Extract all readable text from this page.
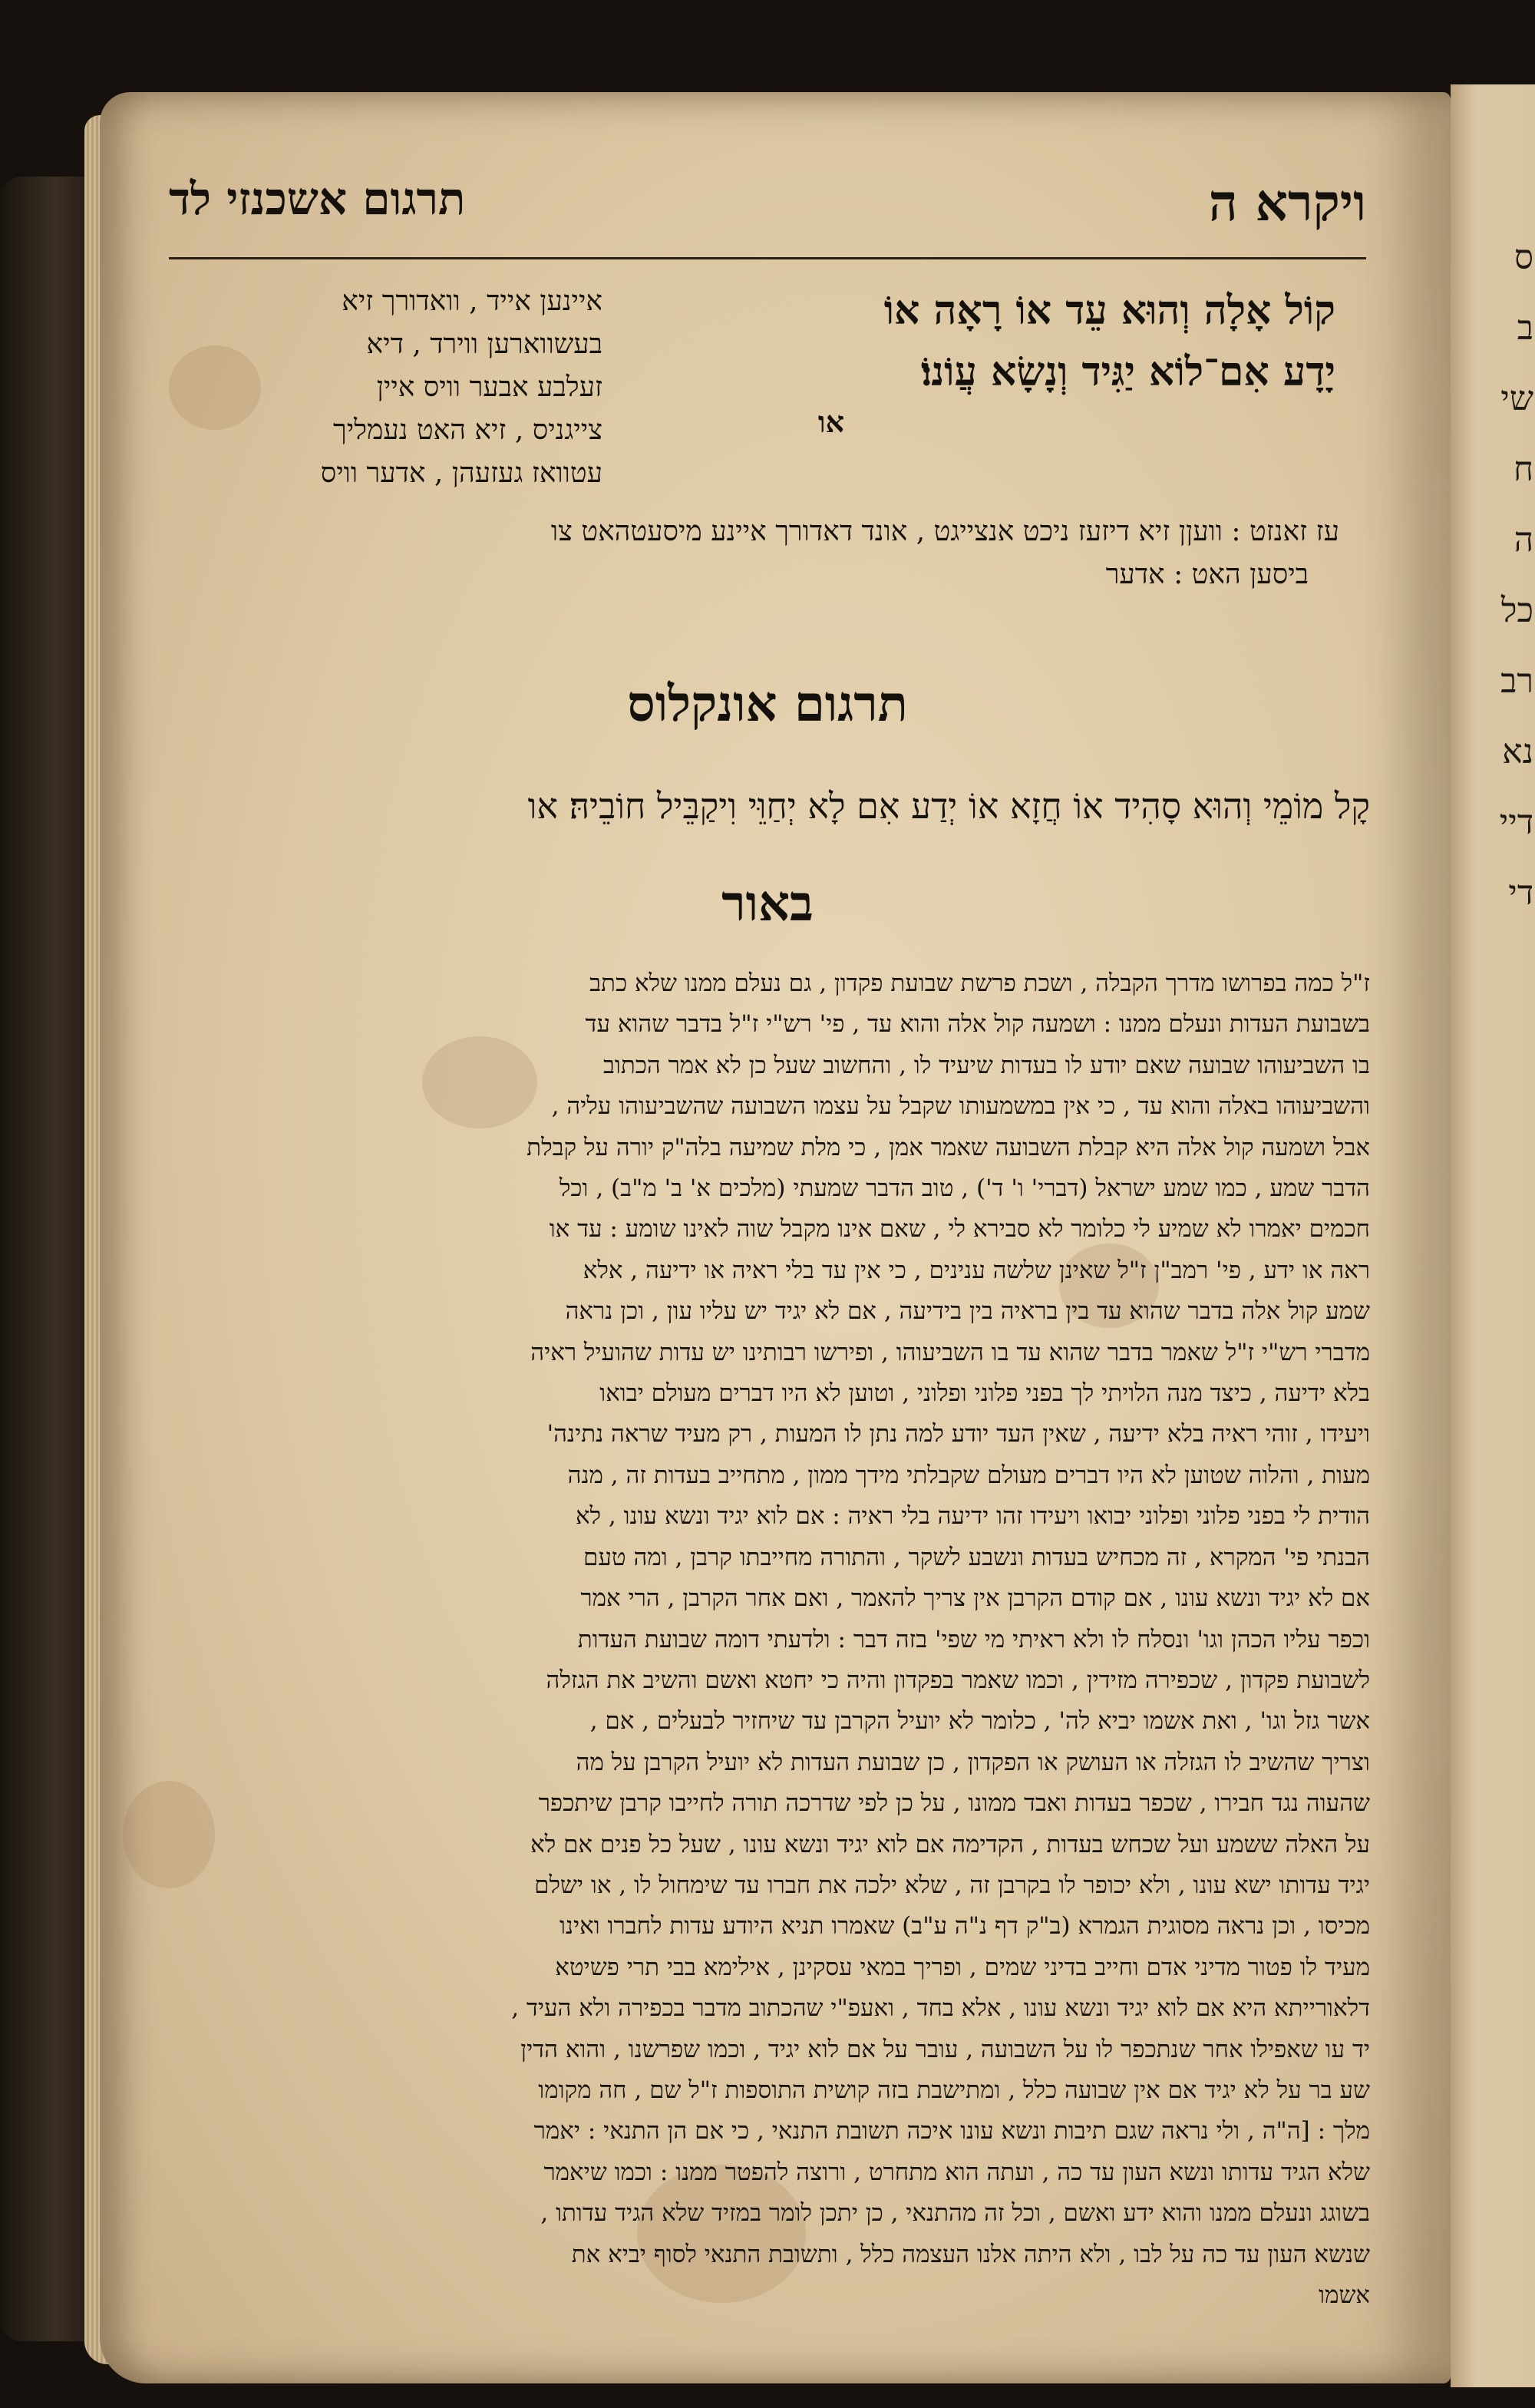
ויקרא ה
תרגום אשכנזי לד
קוֹל אָלָה וְהוּא עֵד אוֹ רָאָה אוֹ
יָדָע אִם־לוֹא יַגִּיד וְנָשָׂא עֲוֹנוֹ׃
או
איינען אייד , וואדורך זיא
בעשווארען ווירד , דיא
זעלבע אבער וויס איין
צייגניס , זיא האט נעמליך
עטוואז געזעהן , אדער וויס
עז זאנזט : וועןן זיא דיזעז ניכט אנצייגט , אונד דאדורך איינע מיסעטהאט צו
ביסען האט : אדער
תרגום אונקלוס
קָל מוֹמֵי וְהוּא סָהִיד אוֹ חֲזָא אוֹ יְדַע אִם לָא יְחַוֵּי וִיקַבֵּיל חוֹבֵיהּ׃ או
באור
ז"ל כמה בפרושו מדרך הקבלה , ושכת פרשת שבועת פקדון , גם נעלם ממנו שלא כתב
בשבועת העדות ונעלם ממנו : ושמעה קול אלה והוא עד , פי' רש"י ז"ל בדבר שהוא עד
בו השביעוהו שבועה שאם יודע לו בעדות שיעיד לו , והחשוב שעל כן לא אמר הכתוב
והשביעוהו באלה והוא עד , כי אין במשמעותו שקבל על עצמו השבועה שהשביעוהו עליה ,
אבל ושמעה קול אלה היא קבלת השבועה שאמר אמן , כי מלת שמיעה בלה"ק יורה על קבלת
הדבר שמע , כמו שמע ישראל (דברי' ו' ד') , טוב הדבר שמעתי (מלכים א' ב' מ"ב) , וכל
חכמים יאמרו לא שמיע לי כלומר לא סבירא לי , שאם אינו מקבל שוה לאינו שומע : עד או
ראה או ידע , פי' רמב"ן ז"ל שאינן שלשה ענינים , כי אין עד בלי ראיה או ידיעה , אלא
שמע קול אלה בדבר שהוא עד בין בראיה בין בידיעה , אם לא יגיד יש עליו עון , וכן נראה
מדברי רש"י ז"ל שאמר בדבר שהוא עד בו השביעוהו , ופירשו רבותינו יש עדות שהועיל ראיה
בלא ידיעה , כיצד מנה הלויתי לך בפני פלוני ופלוני , וטוען לא היו דברים מעולם יבואו
ויעידו , זוהי ראיה בלא ידיעה , שאין העד יודע למה נתן לו המעות , רק מעיד שראה נתינה'
מעות , והלוה שטוען לא היו דברים מעולם שקבלתי מידך ממון , מתחייב בעדות זה , מנה
הודית לי בפני פלוני ופלוני יבואו ויעידו זהו ידיעה בלי ראיה : אם לוא יגיד ונשא עונו , לא
הבנתי פי' המקרא , זה מכחיש בעדות ונשבע לשקר , והתורה מחייבתו קרבן , ומה טעם
אם לא יגיד ונשא עונו , אם קודם הקרבן אין צריך להאמר , ואם אחר הקרבן , הרי אמר
וכפר עליו הכהן וגו' ונסלח לו ולא ראיתי מי שפי' בזה דבר : ולדעתי דומה שבועת העדות
לשבועת פקדון , שכפירה מזידין , וכמו שאמר בפקדון והיה כי יחטא ואשם והשיב את הגזלה
אשר גזל וגו' , ואת אשמו יביא לה' , כלומר לא יועיל הקרבן עד שיחזיר לבעלים , אם ,
וצריך שהשיב לו הגזלה או העושק או הפקדון , כן שבועת העדות לא יועיל הקרבן על מה
שהעוה נגד חבירו , שכפר בעדות ואבד ממונו , על כן לפי שדרכה תורה לחייבו קרבן שיתכפר
על האלה ששמע ועל שכחש בעדות , הקדימה אם לוא יגיד ונשא עונו , שעל כל פנים אם לא
יגיד עדותו ישא עונו , ולא יכופר לו בקרבן זה , שלא ילכה את חברו עד שימחול לו , או ישלם
מכיסו , וכן נראה מסוגית הגמרא (ב"ק דף נ"ה ע"ב) שאמרו תניא היודע עדות לחברו ואינו
מעיד לו פטור מדיני אדם וחייב בדיני שמים , ופריך במאי עסקינן , אילימא בבי תרי פשיטא
דלאורייתא היא אם לוא יגיד ונשא עונו , אלא בחד , ואעפ"י שהכתוב מדבר בכפירה ולא העיד ,
יד עו שאפילו אחר שנתכפר לו על השבועה , עובר על אם לוא יגיד , וכמו שפרשנו , והוא הדין
שע בר על לא יגיד אם אין שבועה כלל , ומתישבת בזה קושית התוספות ז"ל שם , חה מקומו
מלך : [ה"ה , ולי נראה שגם תיבות ונשא עונו איכה תשובת התנאי , כי אם הן התנאי : יאמר
שלא הגיד עדותו ונשא העון עד כה , ועתה הוא מתחרט , ורוצה להפטר ממנו : וכמו שיאמר
בשוגג ונעלם ממנו והוא ידע ואשם , וכל זה מהתנאי , כן יתכן לומר במזיד שלא הגיד עדותו ,
שנשא העון עד כה על לבו , ולא היתה אלנו העצמה כלל , ותשובת התנאי לסוף יביא את
אשמו
ס
ב
שי
ח
ה
כל
רב
נא
דיי
די
